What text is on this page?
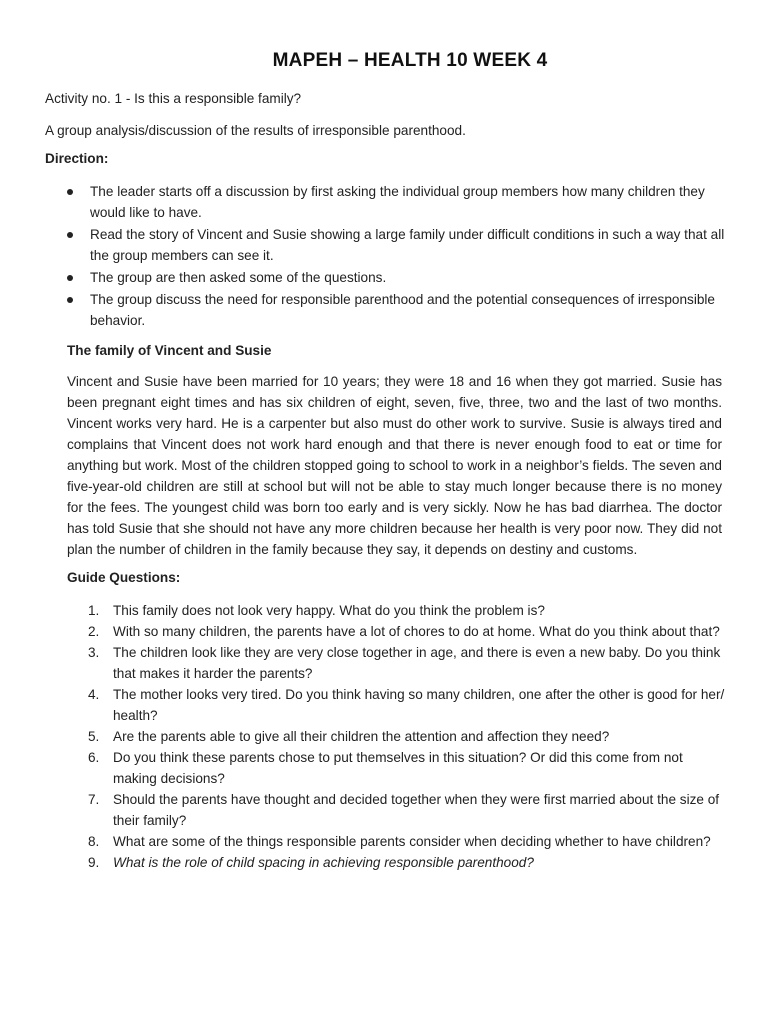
MAPEH – HEALTH 10 WEEK 4

Activity no. 1 - Is this a responsible family?

A group analysis/discussion of the results of irresponsible parenthood.

Direction:

The leader starts off a discussion by first asking the individual group members how many children they would like to have.
Read the story of Vincent and Susie showing a large family under difficult conditions in such a way that all the group members can see it.
The group are then asked some of the questions.
The group discuss the need for responsible parenthood and the potential consequences of irresponsible behavior.

The family of Vincent and Susie

Vincent and Susie have been married for 10 years; they were 18 and 16 when they got married. Susie has been pregnant eight times and has six children of eight, seven, five, three, two and the last of two months. Vincent works very hard. He is a carpenter but also must do other work to survive. Susie is always tired and complains that Vincent does not work hard enough and that there is never enough food to eat or time for anything but work. Most of the children stopped going to school to work in a neighbor’s fields. The seven and five-year-old children are still at school but will not be able to stay much longer because there is no money for the fees. The youngest child was born too early and is very sickly. Now he has bad diarrhea. The doctor has told Susie that she should not have any more children because her health is very poor now. They did not plan the number of children in the family because they say, it depends on destiny and customs.

Guide Questions:

1. This family does not look very happy. What do you think the problem is?
2. With so many children, the parents have a lot of chores to do at home. What do you think about that?
3. The children look like they are very close together in age, and there is even a new baby. Do you think that makes it harder the parents?
4. The mother looks very tired. Do you think having so many children, one after the other is good for her/ health?
5. Are the parents able to give all their children the attention and affection they need?
6. Do you think these parents chose to put themselves in this situation? Or did this come from not making decisions?
7. Should the parents have thought and decided together when they were first married about the size of their family?
8. What are some of the things responsible parents consider when deciding whether to have children?
9. What is the role of child spacing in achieving responsible parenthood?
